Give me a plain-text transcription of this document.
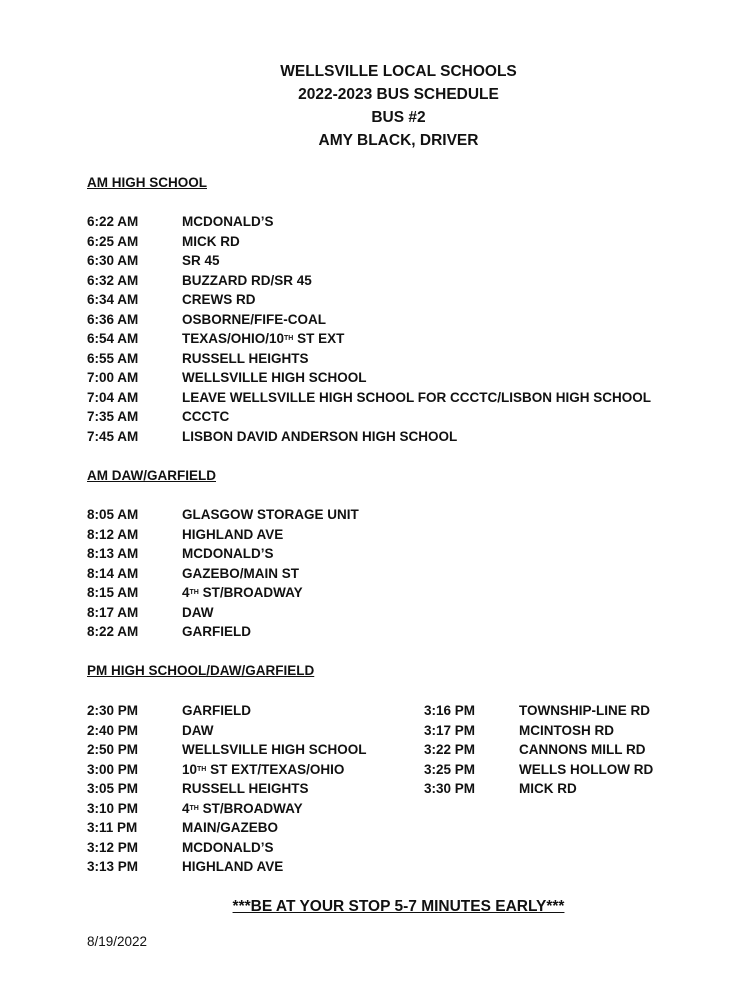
WELLSVILLE LOCAL SCHOOLS
2022-2023 BUS SCHEDULE
BUS #2
AMY BLACK, DRIVER
AM HIGH SCHOOL
6:22 AM	MCDONALD’S
6:25 AM	MICK RD
6:30 AM	SR 45
6:32 AM	BUZZARD RD/SR 45
6:34 AM	CREWS RD
6:36 AM	OSBORNE/FIFE-COAL
6:54 AM	TEXAS/OHIO/10TH ST EXT
6:55 AM	RUSSELL HEIGHTS
7:00 AM	WELLSVILLE HIGH SCHOOL
7:04 AM	LEAVE WELLSVILLE HIGH SCHOOL FOR CCCTC/LISBON HIGH SCHOOL
7:35 AM	CCCTC
7:45 AM	LISBON DAVID ANDERSON HIGH SCHOOL
AM DAW/GARFIELD
8:05 AM	GLASGOW STORAGE UNIT
8:12 AM	HIGHLAND AVE
8:13 AM	MCDONALD’S
8:14 AM	GAZEBO/MAIN ST
8:15 AM	4TH ST/BROADWAY
8:17 AM	DAW
8:22 AM	GARFIELD
PM HIGH SCHOOL/DAW/GARFIELD
2:30 PM	GARFIELD
2:40 PM	DAW
2:50 PM	WELLSVILLE HIGH SCHOOL
3:00 PM	10TH ST EXT/TEXAS/OHIO
3:05 PM	RUSSELL HEIGHTS
3:10 PM	4TH ST/BROADWAY
3:11 PM	MAIN/GAZEBO
3:12 PM	MCDONALD’S
3:13 PM	HIGHLAND AVE
3:16 PM	TOWNSHIP-LINE RD
3:17 PM	MCINTOSH RD
3:22 PM	CANNONS MILL RD
3:25 PM	WELLS HOLLOW RD
3:30 PM	MICK RD
***BE AT YOUR STOP 5-7 MINUTES EARLY***
8/19/2022
